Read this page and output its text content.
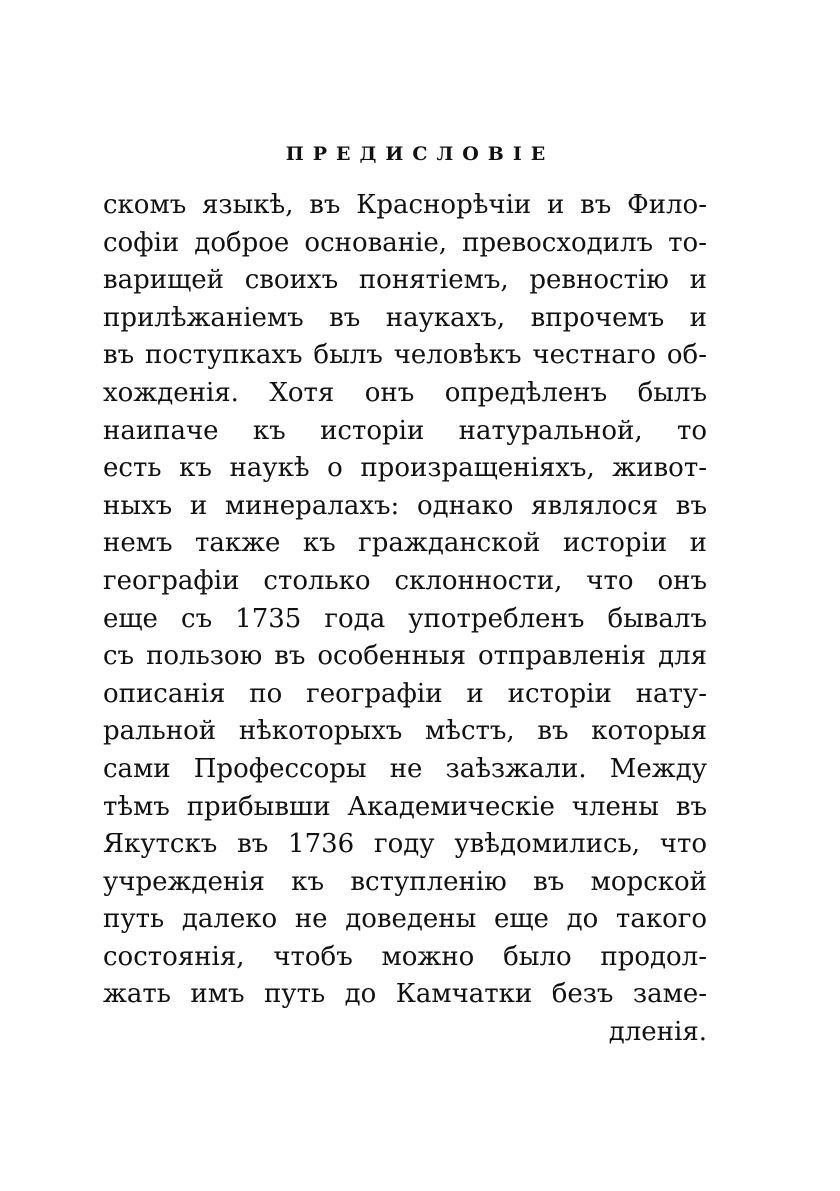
ПРЕДИСЛОВІЕ
скомъ языкѣ, въ Краснорѣчіи и въ Фило-
софіи доброе основаніе, превосходилъ то-
варищей своихъ понятіемъ, ревностію и
прилѣжаніемъ въ наукахъ, впрочемъ и
въ поступкахъ былъ человѣкъ честнаго об-
хожденія. Хотя онъ опредѣленъ былъ
наипаче къ исторіи натуральной, то
есть къ наукѣ о произращеніяхъ, живот-
ныхъ и минералахъ: однако являлося въ
немъ также къ гражданской исторіи и
географіи столько склонности, что онъ
еще съ 1735 года употребленъ бывалъ
съ пользою въ особенныя отправленія для
описанія по географіи и исторіи нату-
ральной нѣкоторыхъ мѣстъ, въ которыя
сами Профессоры не заѣзжали. Между
тѣмъ прибывши Академическіе члены въ
Якутскъ въ 1736 году увѣдомились, что
учрежденія къ вступленію въ морской
путь далеко не доведены еще до такого
состоянія, чтобъ можно было продол-
жать имъ путь до Камчатки безъ заме-
дленія.
